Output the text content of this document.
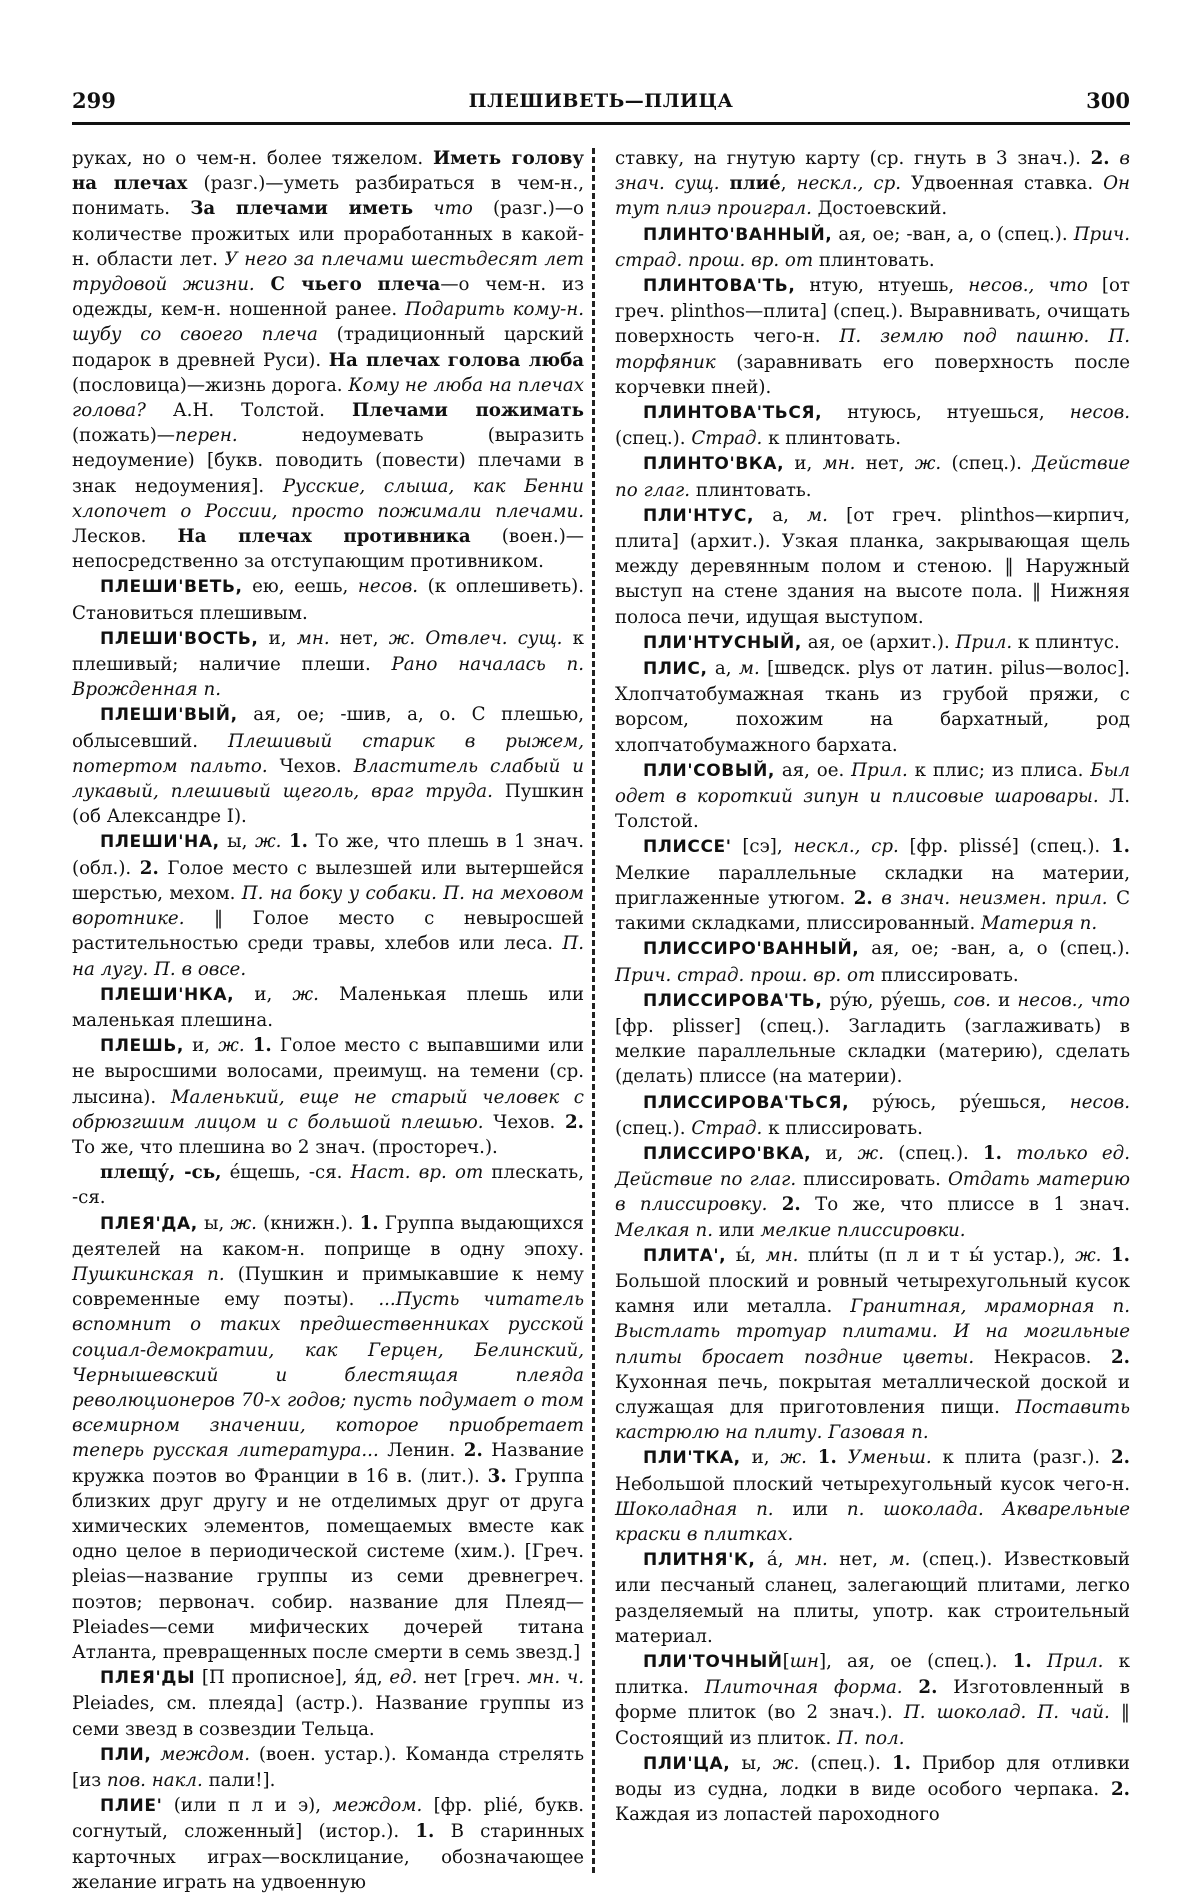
299	ПЛЕШИВЕТЬ—ПЛИЦА	300

руках, но о чем-н. более тяжелом. Иметь голову на плечах (разг.)—уметь разбираться в чем-н., понимать. За плечами иметь что (разг.)—о количестве прожитых или проработанных в какой-н. области лет. У него за плечами шестьдесят лет трудовой жизни. С чьего плеча—о чем-н. из одежды, кем-н. ношенной ранее. Подарить кому-н. шубу со своего плеча (традиционный царский подарок в древней Руси). На плечах голова люба (пословица)—жизнь дорога. Кому не люба на плечах голова? А.Н. Толстой. Плечами пожимать (пожать)—перен. недоумевать (выразить недоумение) [букв. поводить (повести) плечами в знак недоумения]. Русские, слыша, как Бенни хлопочет о России, просто пожимали плечами. Лесков. На плечах противника (воен.)—непосредственно за отступающим противником.

ПЛЕШИ'ВЕТЬ, ею, еешь, несов. (к оплешиветь). Становиться плешивым.

ПЛЕШИ'ВОСТЬ, и, мн. нет, ж. Отвлеч. сущ. к плешивый; наличие плеши. Рано началась п. Врожденная п.

ПЛЕШИ'ВЫЙ, ая, ое; -шив, а, о. С плешью, облысевший. Плешивый старик в рыжем, потертом пальто. Чехов. Властитель слабый и лукавый, плешивый щеголь, враг труда. Пушкин (об Александре I).

ПЛЕШИ'НА, ы, ж. 1. То же, что плешь в 1 знач. (обл.). 2. Голое место с вылезшей или вытершейся шерстью, мехом. П. на боку у собаки. П. на меховом воротнике. ‖ Голое место с невыросшей растительностью среди травы, хлебов или леса. П. на лугу. П. в овсе.

ПЛЕШИ'НКА, и, ж. Маленькая плешь или маленькая плешина.

ПЛЕШЬ, и, ж. 1. Голое место с выпавшими или не выросшими волосами, преимущ. на темени (ср. лысина). Маленький, еще не старый человек с обрюзгшим лицом и с большой плешью. Чехов. 2. То же, что плешина во 2 знач. (простореч.).

плещу́, -сь, е́щешь, -ся. Наст. вр. от плескать, -ся.

ПЛЕЯ'ДА, ы, ж. (книжн.). 1. Группа выдающихся деятелей на каком-н. поприще в одну эпоху. Пушкинская п. (Пушкин и примыкавшие к нему современные ему поэты). ...Пусть читатель вспомнит о таких предшественниках русской социал-демократии, как Герцен, Белинский, Чернышевский и блестящая плеяда революционеров 70-х годов; пусть подумает о том всемирном значении, которое приобретает теперь русская литература... Ленин. 2. Название кружка поэтов во Франции в 16 в. (лит.). 3. Группа близких друг другу и не отделимых друг от друга химических элементов, помещаемых вместе как одно целое в периодической системе (хим.). [Греч. pleias—название группы из семи древнегреч. поэтов; первонач. собир. название для Плеяд—Pleiades—семи мифических дочерей титана Атланта, превращенных после смерти в семь звезд.]

ПЛЕЯ'ДЫ [П прописное], я́д, ед. нет [греч. мн. ч. Pleiades, см. плеяда] (астр.). Название группы из семи звезд в созвездии Тельца.

ПЛИ, междом. (воен. устар.). Команда стрелять [из пов. накл. пали!].

ПЛИЕ' (или п л и э), междом. [фр. plié, букв. согнутый, сложенный] (истор.). 1. В старинных карточных играх—восклицание, обозначающее желание играть на удвоенную

ставку, на гнутую карту (ср. гнуть в 3 знач.). 2. в знач. сущ. плие́, нескл., ср. Удвоенная ставка. Он тут плиэ проиграл. Достоевский.

ПЛИНТО'ВАННЫЙ, ая, ое; -ван, а, о (спец.). Прич. страд. прош. вр. от плинтовать.

ПЛИНТОВА'ТЬ, нтую, нтуешь, несов., что [от греч. plinthos—плита] (спец.). Выравнивать, очищать поверхность чего-н. П. землю под пашню. П. торфяник (заравнивать его поверхность после корчевки пней).

ПЛИНТОВА'ТЬСЯ, нтуюсь, нтуешься, несов. (спец.). Страд. к плинтовать.

ПЛИНТО'ВКА, и, мн. нет, ж. (спец.). Действие по глаг. плинтовать.

ПЛИ'НТУС, а, м. [от греч. plinthos—кирпич, плита] (архит.). Узкая планка, закрывающая щель между деревянным полом и стеною. ‖ Наружный выступ на стене здания на высоте пола. ‖ Нижняя полоса печи, идущая выступом.

ПЛИ'НТУСНЫЙ, ая, ое (архит.). Прил. к плинтус.

ПЛИС, а, м. [шведск. plys от латин. pilus—волос]. Хлопчатобумажная ткань из грубой пряжи, с ворсом, похожим на бархатный, род хлопчатобумажного бархата.

ПЛИ'СОВЫЙ, ая, ое. Прил. к плис; из плиса. Был одет в короткий зипун и плисовые шаровары. Л. Толстой.

ПЛИССЕ' [сэ], нескл., ср. [фр. plissé] (спец.). 1. Мелкие параллельные складки на материи, приглаженные утюгом. 2. в знач. неизмен. прил. С такими складками, плиссированный. Материя п.

ПЛИССИРО'ВАННЫЙ, ая, ое; -ван, а, о (спец.). Прич. страд. прош. вр. от плиссировать.

ПЛИССИРОВА'ТЬ, ру́ю, ру́ешь, сов. и несов., что [фр. plisser] (спец.). Загладить (заглаживать) в мелкие параллельные складки (материю), сделать (делать) плиссе (на материи).

ПЛИССИРОВА'ТЬСЯ, ру́юсь, ру́ешься, несов. (спец.). Страд. к плиссировать.

ПЛИССИРО'ВКА, и, ж. (спец.). 1. только ед. Действие по глаг. плиссировать. Отдать материю в плиссировку. 2. То же, что плиссе в 1 знач. Мелкая п. или мелкие плиссировки.

ПЛИТА', ы́, мн. пли́ты (п л и т ы́ устар.), ж. 1. Большой плоский и ровный четырехугольный кусок камня или металла. Гранитная, мраморная п. Выстлать тротуар плитами. И на могильные плиты бросает поздние цветы. Некрасов. 2. Кухонная печь, покрытая металлической доской и служащая для приготовления пищи. Поставить кастрюлю на плиту. Газовая п.

ПЛИ'ТКА, и, ж. 1. Уменьш. к плита (разг.). 2. Небольшой плоский четырехугольный кусок чего-н. Шоколадная п. или п. шоколада. Акварельные краски в плитках.

ПЛИТНЯ'К, а́, мн. нет, м. (спец.). Известковый или песчаный сланец, залегающий плитами, легко разделяемый на плиты, употр. как строительный материал.

ПЛИ'ТОЧНЫЙ[шн], ая, ое (спец.). 1. Прил. к плитка. Плиточная форма. 2. Изготовленный в форме плиток (во 2 знач.). П. шоколад. П. чай. ‖ Состоящий из плиток. П. пол.

ПЛИ'ЦА, ы, ж. (спец.). 1. Прибор для отливки воды из судна, лодки в виде особого черпака. 2. Каждая из лопастей пароходного
